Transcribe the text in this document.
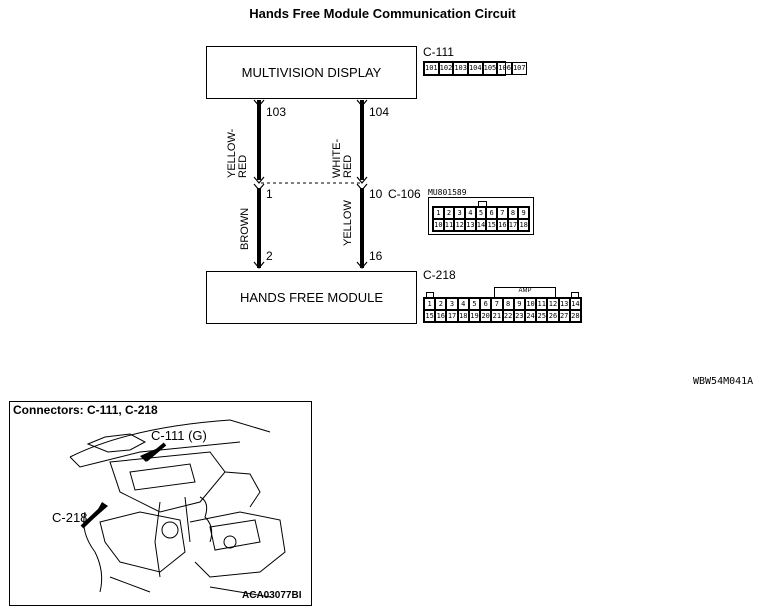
Hands Free Module Communication Circuit
MULTIVISION DISPLAY
C-111
101 102 103 104 105 106 107
HANDS FREE MODULE
C-218
AMP
1	2	3 4	5	6	7 8	9 10 11 12 13 14
15 16 17 18 19 20 21 22 23 24 25 26 27 28
MU801589
1 2 3 4 5 6 7 8 9
10 11 12 13 14 15 16 17 18
103	104
1	10 C-106
2	16
YELLOW-
RED	WHITE-
RED
BROWN	YELLOW
WBW54M041A
Connectors: C-111, C-218
C-111 (G)
C-218
ACA03077BI
